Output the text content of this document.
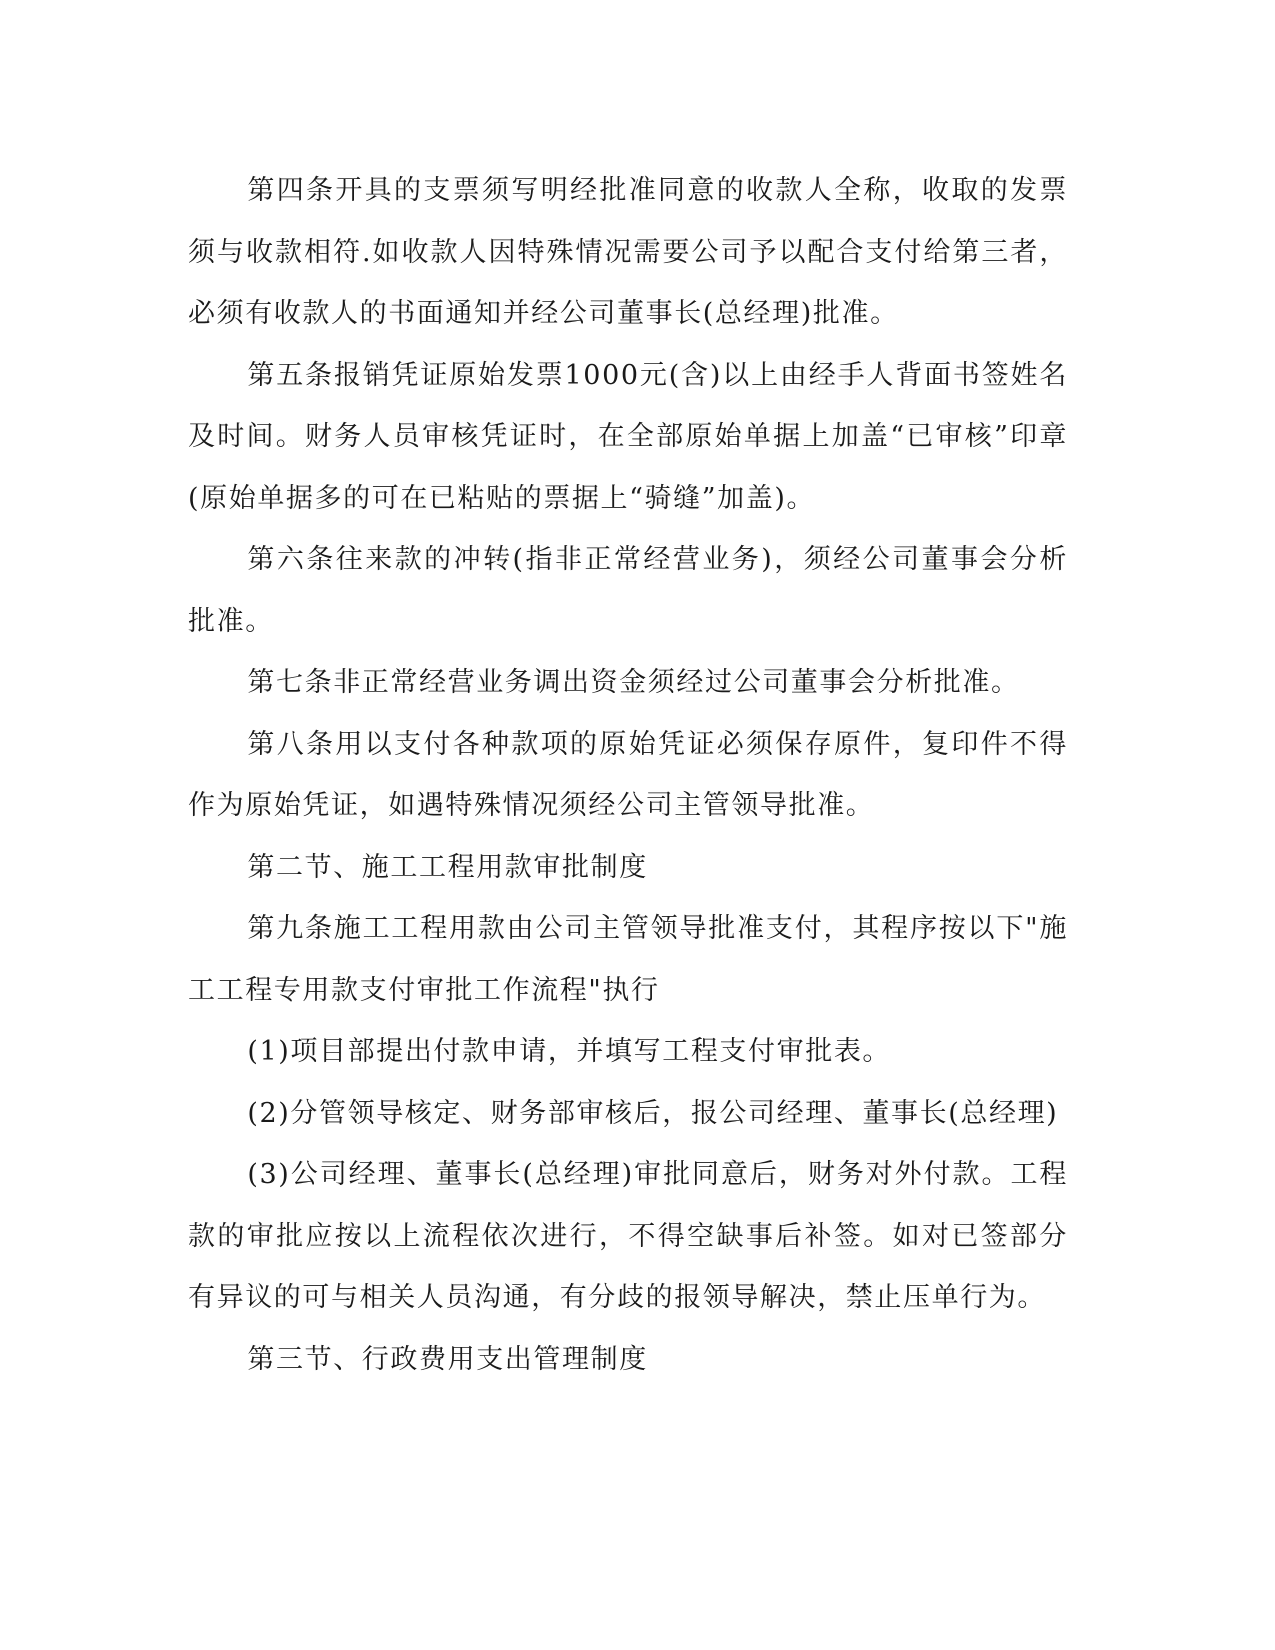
第四条开具的支票须写明经批准同意的收款人全称，收取的发票须与收款相符.如收款人因特殊情况需要公司予以配合支付给第三者，必须有收款人的书面通知并经公司董事长(总经理)批准。

第五条报销凭证原始发票1000元(含)以上由经手人背面书签姓名及时间。财务人员审核凭证时，在全部原始单据上加盖“已审核”印章(原始单据多的可在已粘贴的票据上“骑缝”加盖)。

第六条往来款的冲转(指非正常经营业务)，须经公司董事会分析批准。

第七条非正常经营业务调出资金须经过公司董事会分析批准。

第八条用以支付各种款项的原始凭证必须保存原件，复印件不得作为原始凭证，如遇特殊情况须经公司主管领导批准。

第二节、施工工程用款审批制度

第九条施工工程用款由公司主管领导批准支付，其程序按以下"施工工程专用款支付审批工作流程"执行

(1)项目部提出付款申请，并填写工程支付审批表。

(2)分管领导核定、财务部审核后，报公司经理、董事长(总经理)

(3)公司经理、董事长(总经理)审批同意后，财务对外付款。工程款的审批应按以上流程依次进行，不得空缺事后补签。如对已签部分有异议的可与相关人员沟通，有分歧的报领导解决，禁止压单行为。

第三节、行政费用支出管理制度
